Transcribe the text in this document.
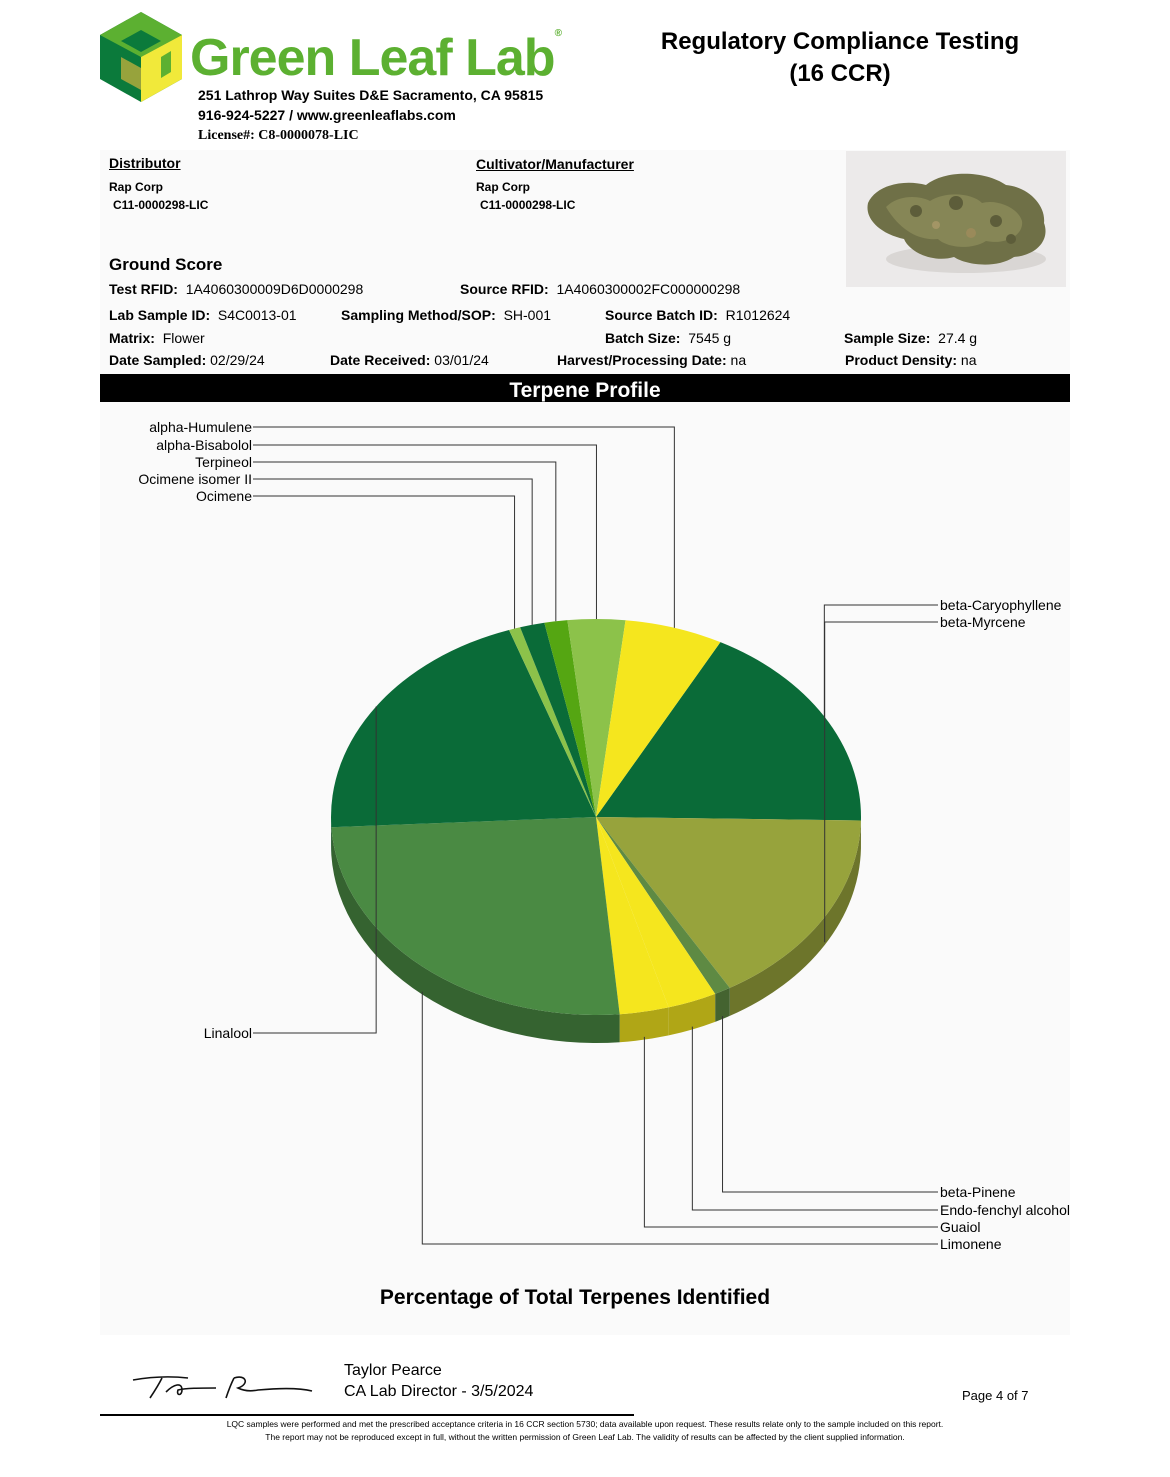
Green Leaf Lab®
251 Lathrop Way Suites D&E Sacramento, CA 95815
916-924-5227 / www.greenleaflabs.com
License#: C8-0000078-LIC
Regulatory Compliance Testing
(16 CCR)
Distributor
Rap Corp
C11-0000298-LIC
Cultivator/Manufacturer
Rap Corp
C11-0000298-LIC
Ground Score
Test RFID: 1A4060300009D6D0000298	Source RFID: 1A4060300002FC000000298
Lab Sample ID: S4C0013-01	Sampling Method/SOP: SH-001	Source Batch ID: R1012624
Matrix: Flower	Batch Size: 7545 g	Sample Size: 27.4 g
Date Sampled: 02/29/24	Date Received: 03/01/24	Harvest/Processing Date: na	Product Density: na
Terpene Profile
beta-Caryophyllene
beta-Myrcene
beta-Pinene
Endo-fenchyl alcohol
Guaiol
Limonene
Linalool
Ocimene
Ocimene isomer II
Terpineol
alpha-Bisabolol
alpha-Humulene
Percentage of Total Terpenes Identified
Taylor Pearce
CA Lab Director - 3/5/2024	Page 4 of 7
LQC samples were performed and met the prescribed acceptance criteria in 16 CCR section 5730; data available upon request. These results relate only to the sample included on this report.
The report may not be reproduced except in full, without the written permission of Green Leaf Lab. The validity of results can be affected by the client supplied information.
